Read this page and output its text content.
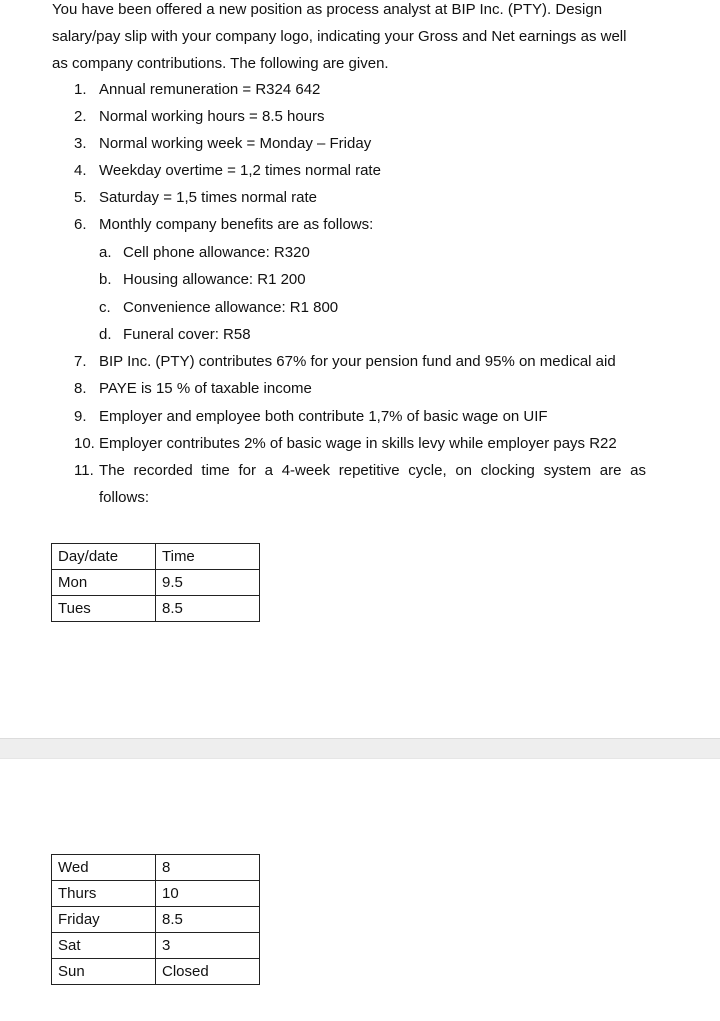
You have been offered a new position as process analyst at BIP Inc. (PTY). Design

salary/pay slip with your company logo, indicating your Gross and Net earnings as well

as company contributions. The following are given.

1. Annual remuneration = R324 642
2. Normal working hours = 8.5 hours
3. Normal working week = Monday – Friday
4. Weekday overtime = 1,2 times normal rate
5. Saturday = 1,5 times normal rate
6. Monthly company benefits are as follows:
a. Cell phone allowance: R320
b. Housing allowance: R1 200
c. Convenience allowance: R1 800
d. Funeral cover: R58
7. BIP Inc. (PTY) contributes 67% for your pension fund and 95% on medical aid
8. PAYE is 15 % of taxable income
9. Employer and employee both contribute 1,7% of basic wage on UIF
10. Employer contributes 2% of basic wage in skills levy while employer pays R22
11. The recorded time for a 4-week repetitive cycle, on clocking system are as
follows:
Day/date	Time
Mon	9.5
Tues	8.5
Wed	8
Thurs	10
Friday	8.5
Sat	3
Sun	Closed
